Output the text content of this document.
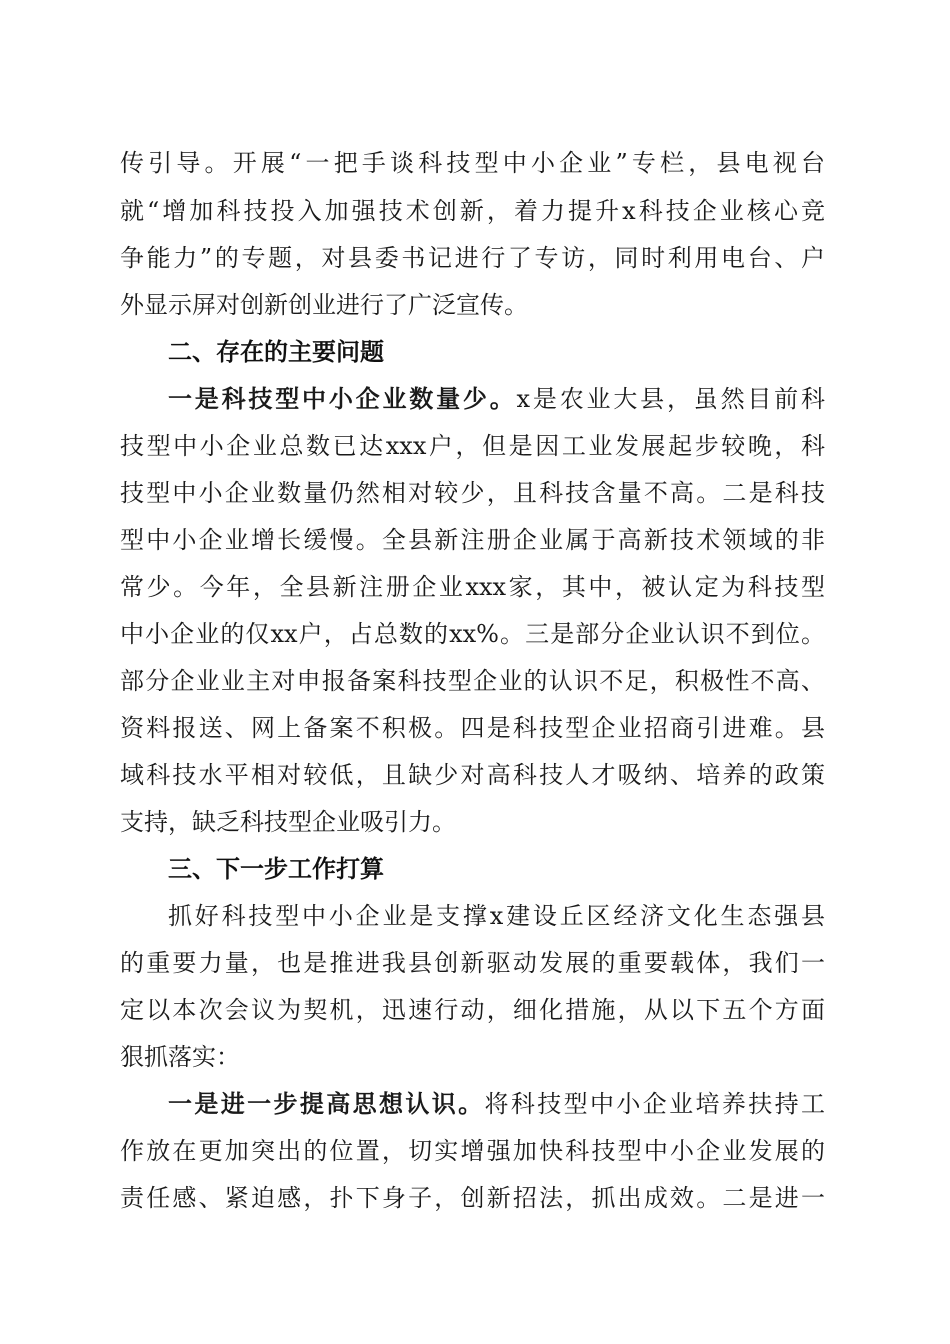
传引导。开展“一把手谈科技型中小企业”专栏，县电视台
就“增加科技投入加强技术创新，着力提升x科技企业核心竞
争能力”的专题，对县委书记进行了专访，同时利用电台、户
外显示屏对创新创业进行了广泛宣传。
二、存在的主要问题
一是科技型中小企业数量少。x是农业大县，虽然目前科
技型中小企业总数已达xxx户，但是因工业发展起步较晚，科
技型中小企业数量仍然相对较少，且科技含量不高。二是科技
型中小企业增长缓慢。全县新注册企业属于高新技术领域的非
常少。今年，全县新注册企业xxx家，其中，被认定为科技型
中小企业的仅xx户，占总数的xx%。三是部分企业认识不到位。
部分企业业主对申报备案科技型企业的认识不足，积极性不高、
资料报送、网上备案不积极。四是科技型企业招商引进难。县
域科技水平相对较低，且缺少对高科技人才吸纳、培养的政策
支持，缺乏科技型企业吸引力。
三、下一步工作打算
抓好科技型中小企业是支撑x建设丘区经济文化生态强县
的重要力量，也是推进我县创新驱动发展的重要载体，我们一
定以本次会议为契机，迅速行动，细化措施，从以下五个方面
狠抓落实：
一是进一步提高思想认识。将科技型中小企业培养扶持工
作放在更加突出的位置，切实增强加快科技型中小企业发展的
责任感、紧迫感，扑下身子，创新招法，抓出成效。二是进一
